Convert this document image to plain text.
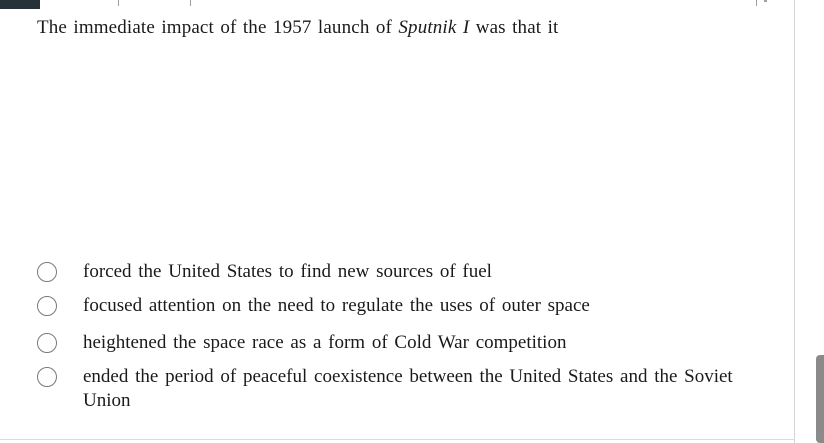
The immediate impact of the 1957 launch of Sputnik I was that it

forced the United States to find new sources of fuel
focused attention on the need to regulate the uses of outer space
heightened the space race as a form of Cold War competition
ended the period of peaceful coexistence between the United States and the Soviet Union
